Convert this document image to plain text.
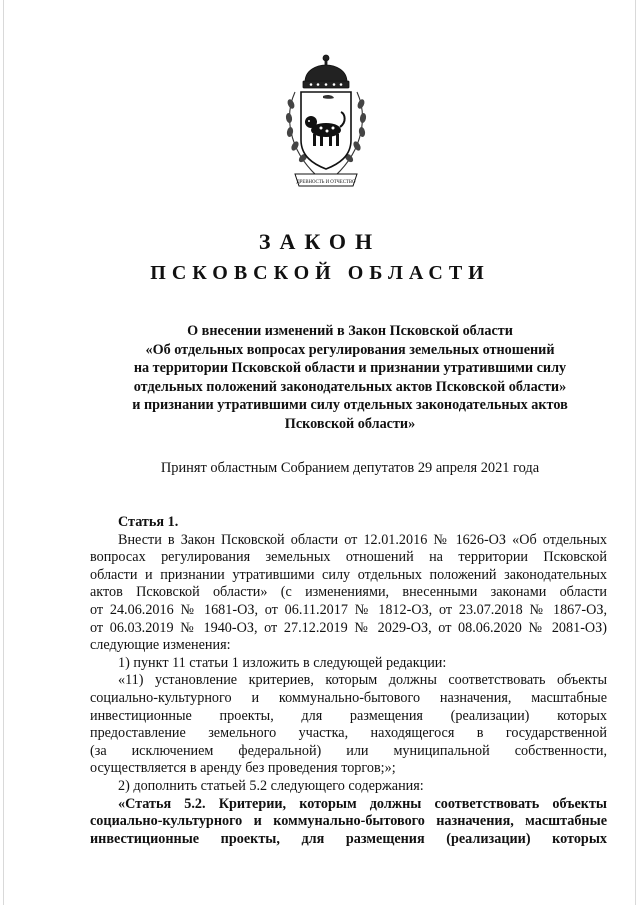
ДРЕВНОСТЬ И ОТЧЕСТВО
ЗАКОН
ПСКОВСКОЙ ОБЛАСТИ
О внесении изменений в Закон Псковской области
«Об отдельных вопросах регулирования земельных отношений
на территории Псковской области и признании утратившими силу
отдельных положений законодательных актов Псковской области»
и признании утратившими силу отдельных законодательных актов
Псковской области»
Принят областным Собранием депутатов 29 апреля 2021 года
Статья 1.
Внести в Закон Псковской области от 12.01.2016 № 1626-ОЗ «Об отдельных
вопросах регулирования земельных отношений на территории Псковской
области и признании утратившими силу отдельных положений законодательных
актов Псковской области» (с изменениями, внесенными законами области
от 24.06.2016 № 1681-ОЗ, от 06.11.2017 № 1812-ОЗ, от 23.07.2018 № 1867-ОЗ,
от 06.03.2019 № 1940-ОЗ, от 27.12.2019 № 2029-ОЗ, от 08.06.2020 № 2081-ОЗ)
следующие изменения:
1) пункт 11 статьи 1 изложить в следующей редакции:
«11) установление критериев, которым должны соответствовать объекты
социально-культурного и коммунально-бытового назначения, масштабные
инвестиционные проекты, для размещения (реализации) которых
предоставление земельного участка, находящегося в государственной
(за исключением федеральной) или муниципальной собственности,
осуществляется в аренду без проведения торгов;»;
2) дополнить статьей 5.2 следующего содержания:
«Статья 5.2. Критерии, которым должны соответствовать объекты
социально-культурного и коммунально-бытового назначения, масштабные
инвестиционные проекты, для размещения (реализации) которых
